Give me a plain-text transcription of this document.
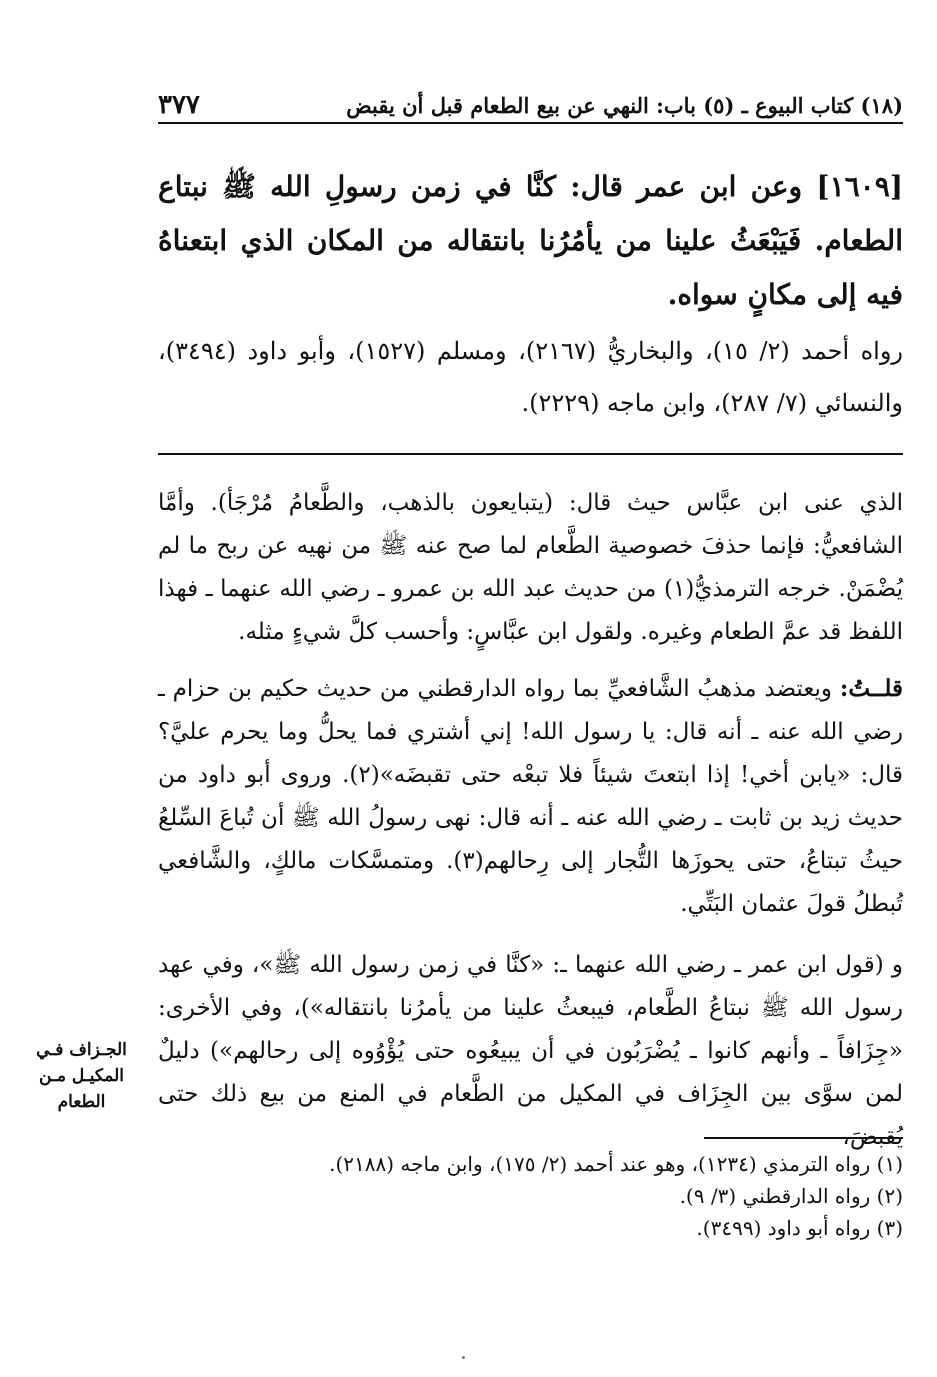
(١٨) كتاب البيوع ـ (٥) باب: النهي عن بيع الطعام قبل أن يقبض
٣٧٧
[١٦٠٩] وعن ابن عمر قال: كنَّا في زمن رسولِ الله ﷺ نبتاع الطعام. فَيَبْعَثُ علينا من يأمُرُنا بانتقاله من المكان الذي ابتعناهُ فيه إلى مكانٍ سواه.
رواه أحمد (٢/ ١٥)، والبخاريُّ (٢١٦٧)، ومسلم (١٥٢٧)، وأبو داود (٣٤٩٤)، والنسائي (٧/ ٢٨٧)، وابن ماجه (٢٢٢٩).
الذي عنى ابن عبَّاس حيث قال: (يتبايعون بالذهب، والطَّعامُ مُرْجَأ). وأمَّا الشافعيُّ: فإنما حذفَ خصوصية الطَّعام لما صح عنه ﷺ من نهيه عن ربح ما لم يُضْمَنْ. خرجه الترمذيُّ(١) من حديث عبد الله بن عمرو ـ رضي الله عنهما ـ فهذا اللفظ قد عمَّ الطعام وغيره. ولقول ابن عبَّاسٍ: وأحسب كلَّ شيءٍ مثله.
قلــتُ: ويعتضد مذهبُ الشَّافعيِّ بما رواه الدارقطني من حديث حكيم بن حزام ـ رضي الله عنه ـ أنه قال: يا رسول الله! إني أشتري فما يحلُّ وما يحرم عليَّ؟ قال: «يابن أخي! إذا ابتعتَ شيئاً فلا تبعْه حتى تقبضَه»(٢). وروى أبو داود من حديث زيد بن ثابت ـ رضي الله عنه ـ أنه قال: نهى رسولُ الله ﷺ أن تُباعَ السِّلعُ حيثُ تبتاعُ، حتى يحوزَها التُّجار إلى رِحالهم(٣). ومتمسَّكات مالكٍ، والشَّافعي تُبطلُ قولَ عثمان البَتِّي.
و (قول ابن عمر ـ رضي الله عنهما ـ: «كنَّا في زمن رسول الله ﷺ»، وفي عهد رسول الله ﷺ نبتاعُ الطَّعام، فيبعثُ علينا من يأمرُنا بانتقاله»)، وفي الأخرى: «جِزَافاً ـ وأنهم كانوا ـ يُضْرَبُون في أن يبيعُوه حتى يُؤْوُوه إلى رحالهم») دليلٌ لمن سوَّى بين الجِزَاف في المكيل من الطَّعام في المنع من بيع ذلك حتى يُقبضَ،
الجـزاف فـي المكيـل مـن الطعام
(١) رواه الترمذي (١٢٣٤)، وهو عند أحمد (٢/ ١٧٥)، وابن ماجه (٢١٨٨).
(٢) رواه الدارقطني (٣/ ٩).
(٣) رواه أبو داود (٣٤٩٩).
